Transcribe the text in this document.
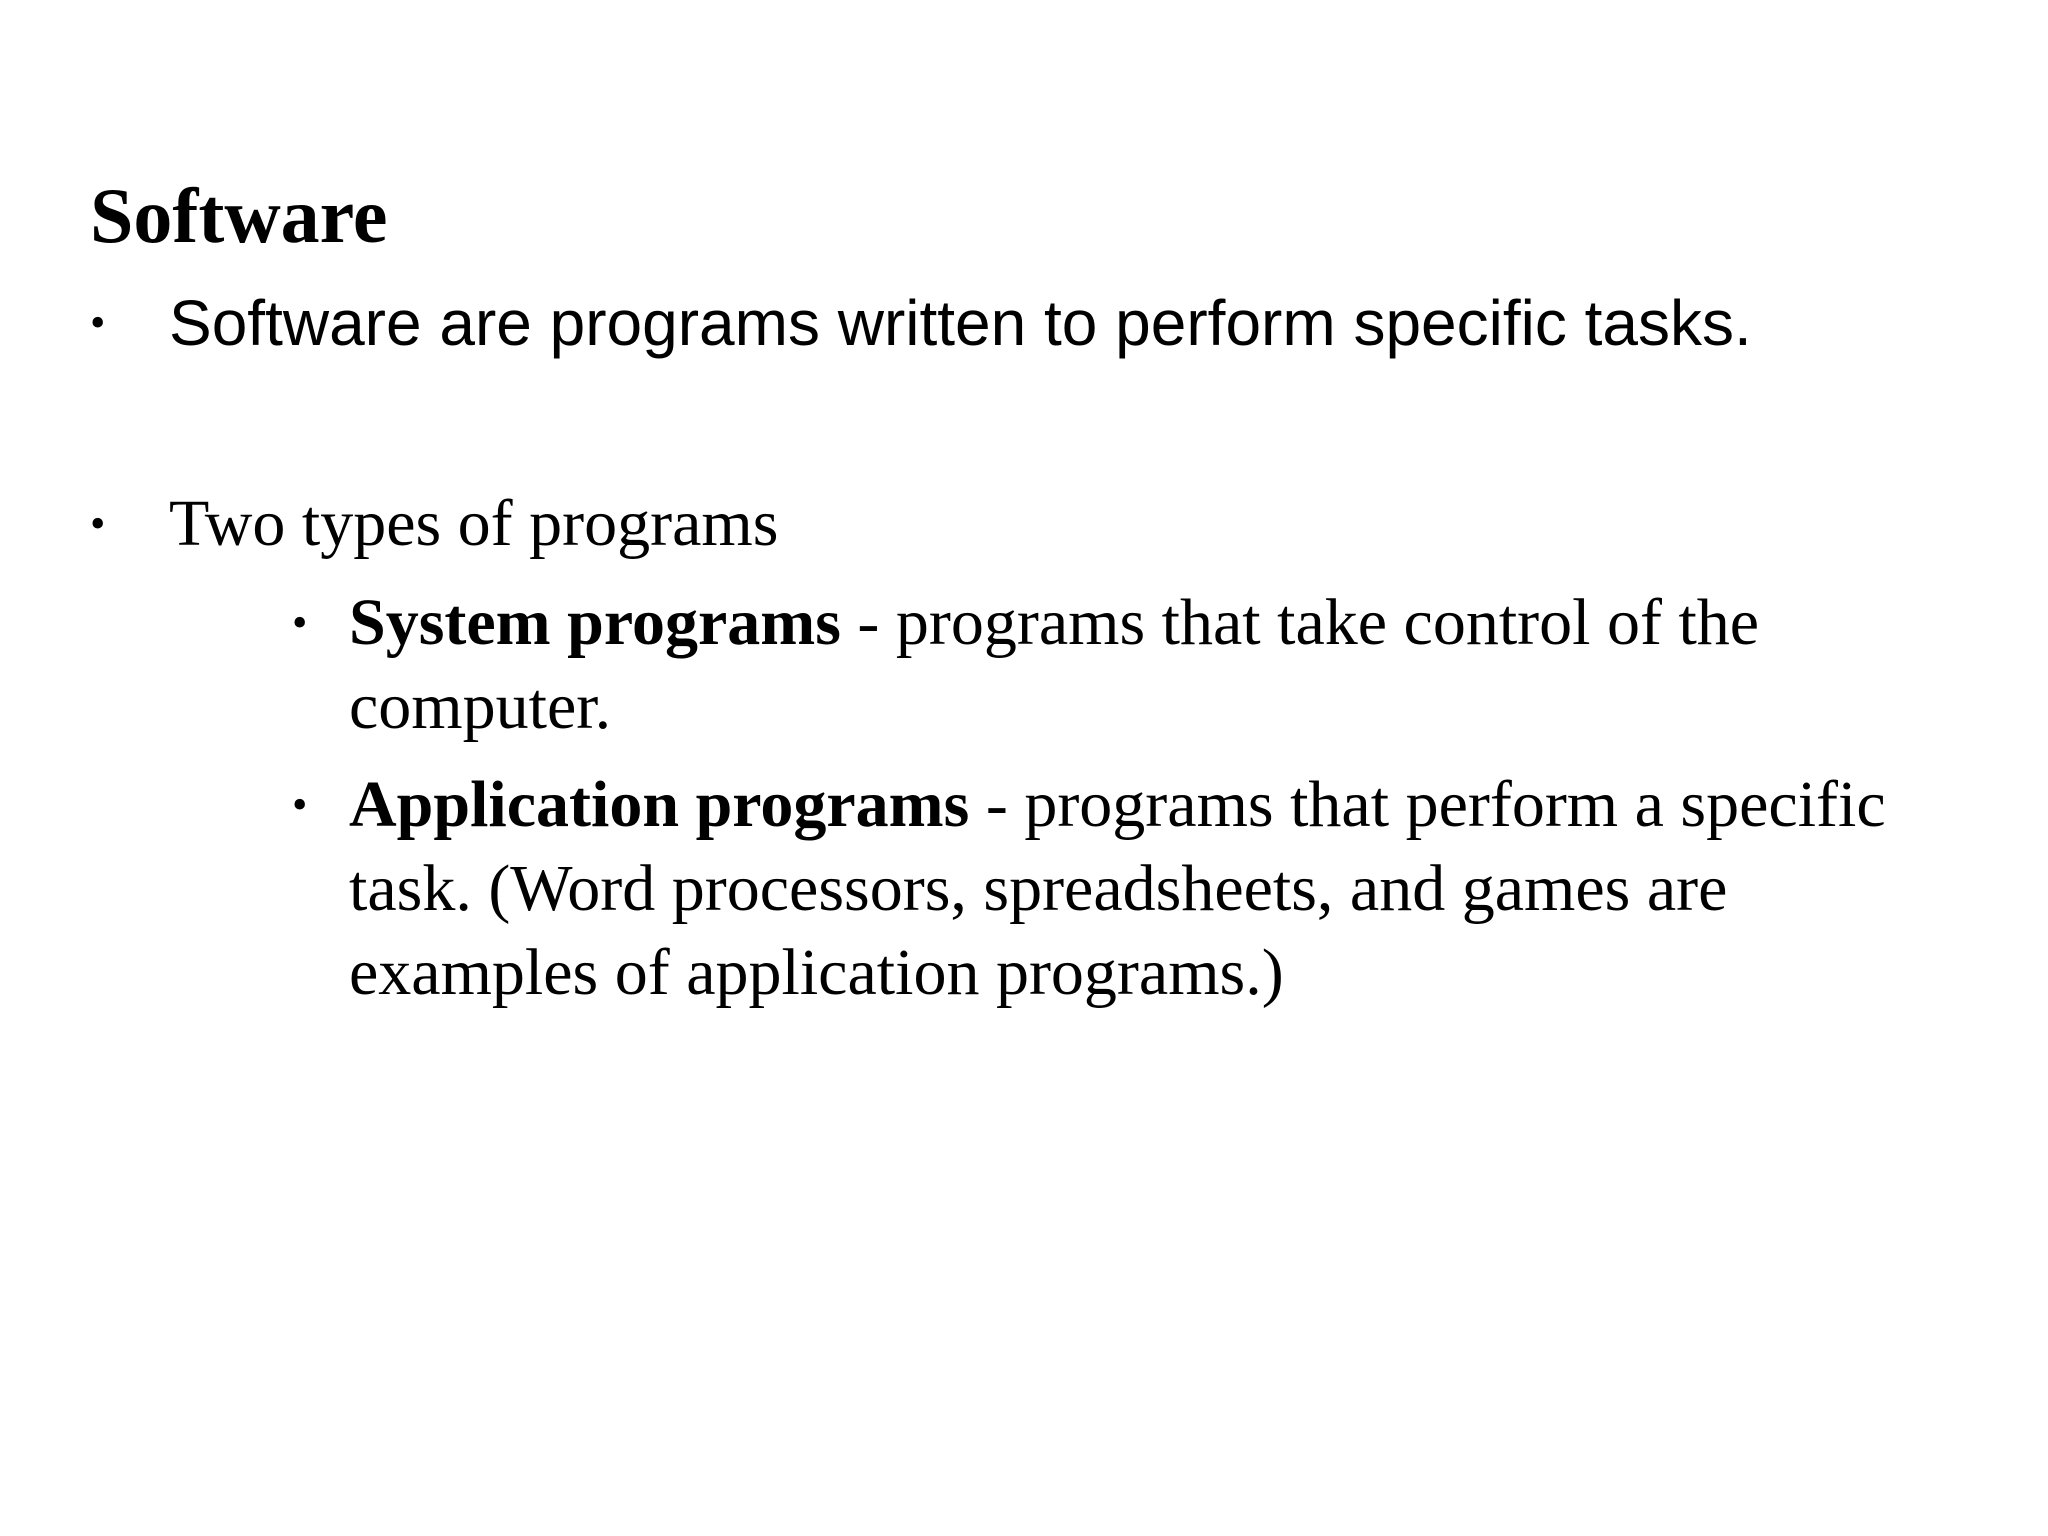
Software
• Software are programs written to perform specific tasks.
• Two types of programs
• System programs - programs that take control of the computer.
• Application programs - programs that perform a specific task. (Word processors, spreadsheets, and games are examples of application programs.)
